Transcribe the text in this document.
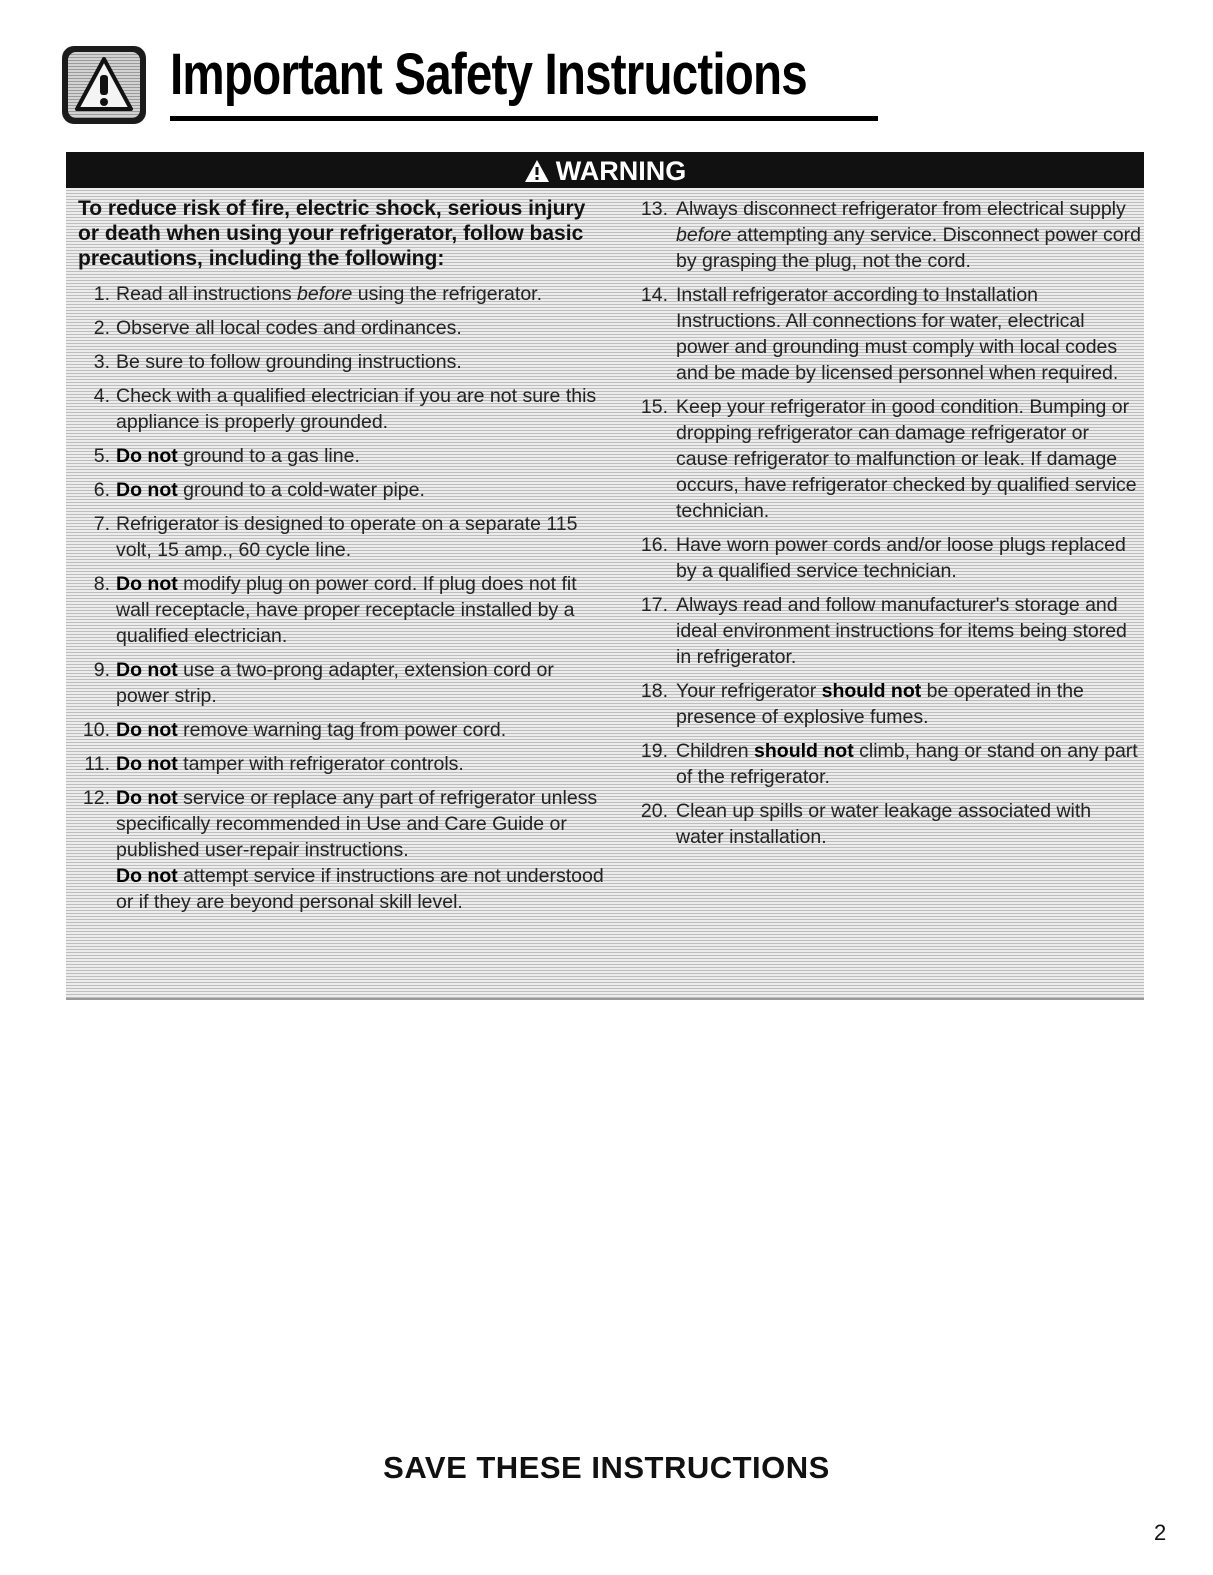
Important Safety Instructions
WARNING
To reduce risk of fire, electric shock, serious injury or death when using your refrigerator, follow basic precautions, including the following:
1. Read all instructions before using the refrigerator.
2. Observe all local codes and ordinances.
3. Be sure to follow grounding instructions.
4. Check with a qualified electrician if you are not sure this appliance is properly grounded.
5. Do not ground to a gas line.
6. Do not ground to a cold-water pipe.
7. Refrigerator is designed to operate on a separate 115 volt, 15 amp., 60 cycle line.
8. Do not modify plug on power cord. If plug does not fit wall receptacle, have proper receptacle installed by a qualified electrician.
9. Do not use a two-prong adapter, extension cord or power strip.
10. Do not remove warning tag from power cord.
11. Do not tamper with refrigerator controls.
12. Do not service or replace any part of refrigerator unless specifically recommended in Use and Care Guide or published user-repair instructions.
Do not attempt service if instructions are not understood or if they are beyond personal skill level.
13. Always disconnect refrigerator from electrical supply before attempting any service. Disconnect power cord by grasping the plug, not the cord.
14. Install refrigerator according to Installation Instructions. All connections for water, electrical power and grounding must comply with local codes and be made by licensed personnel when required.
15. Keep your refrigerator in good condition. Bumping or dropping refrigerator can damage refrigerator or cause refrigerator to malfunction or leak. If damage occurs, have refrigerator checked by qualified service technician.
16. Have worn power cords and/or loose plugs replaced by a qualified service technician.
17. Always read and follow manufacturer's storage and ideal environment instructions for items being stored in refrigerator.
18. Your refrigerator should not be operated in the presence of explosive fumes.
19. Children should not climb, hang or stand on any part of the refrigerator.
20. Clean up spills or water leakage associated with water installation.
SAVE THESE INSTRUCTIONS
2
